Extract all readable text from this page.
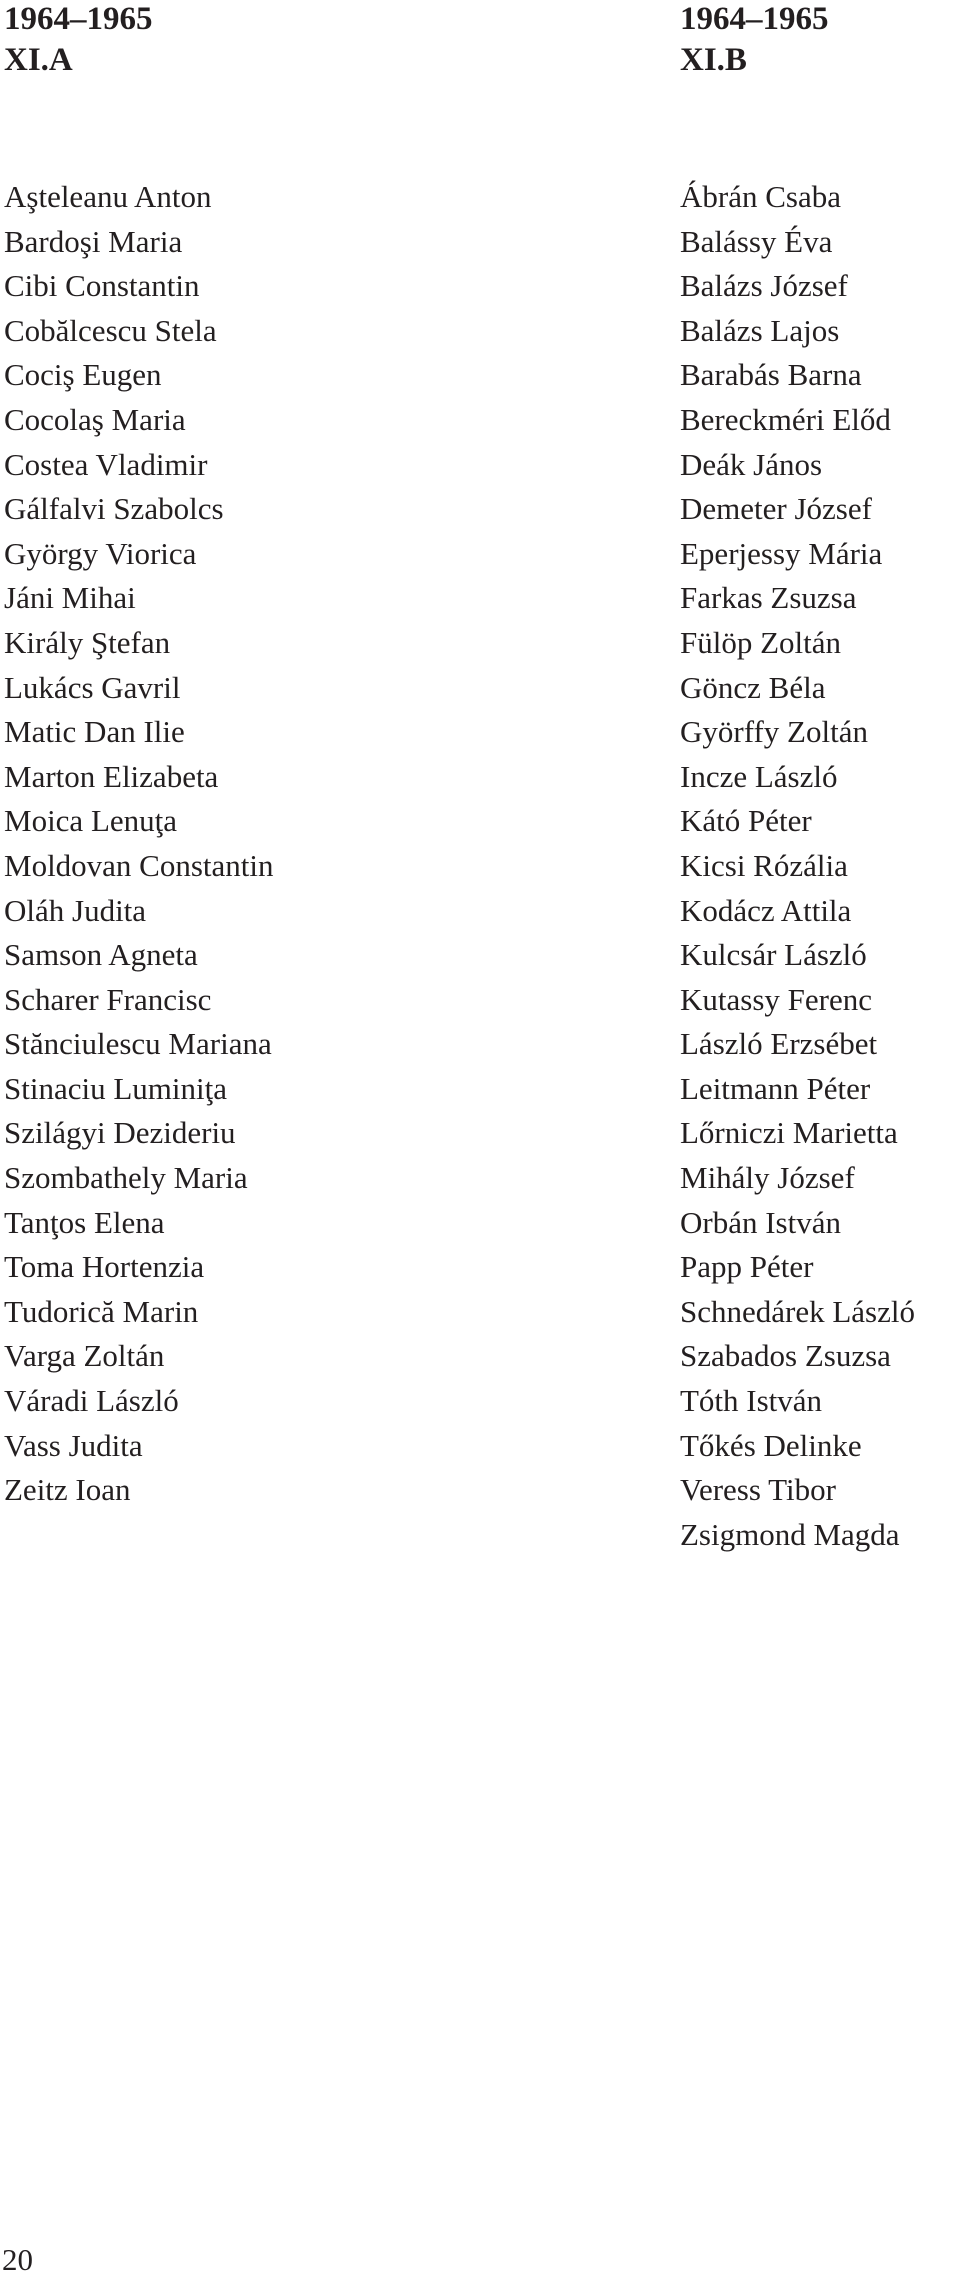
1964–1965
XI.A
Aşteleanu Anton
Bardoşi Maria
Cibi Constantin
Cobălcescu Stela
Cociş Eugen
Cocolaş Maria
Costea Vladimir
Gálfalvi Szabolcs
György Viorica
Jáni Mihai
Király Ştefan
Lukács Gavril
Matic Dan Ilie
Marton Elizabeta
Moica Lenuţa
Moldovan Constantin
Oláh Judita
Samson Agneta
Scharer Francisc
Stănciulescu Mariana
Stinaciu Luminiţa
Szilágyi Dezideriu
Szombathely Maria
Tanţos Elena
Toma Hortenzia
Tudorică Marin
Varga Zoltán
Váradi László
Vass Judita
Zeitz Ioan
1964–1965
XI.B
Ábrán Csaba
Balássy Éva
Balázs József
Balázs Lajos
Barabás Barna
Bereckméri Előd
Deák János
Demeter József
Eperjessy Mária
Farkas Zsuzsa
Fülöp Zoltán
Göncz Béla
Györffy Zoltán
Incze László
Kátó Péter
Kicsi Rózália
Kodácz Attila
Kulcsár László
Kutassy Ferenc
László Erzsébet
Leitmann Péter
Lőrniczi Marietta
Mihály József
Orbán István
Papp Péter
Schnedárek László
Szabados Zsuzsa
Tóth István
Tőkés Delinke
Veress Tibor
Zsigmond Magda
20
